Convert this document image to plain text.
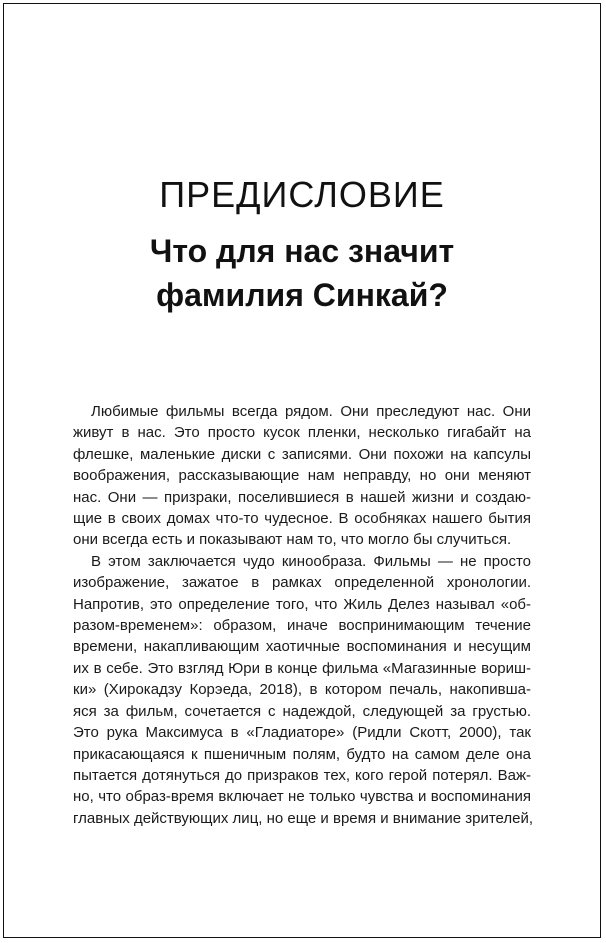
ПРЕДИСЛОВИЕ
Что для нас значит
фамилия Синкай?

Любимые фильмы всегда рядом. Они преследуют нас. Они
живут в нас. Это просто кусок пленки, несколько гигабайт на
флешке, маленькие диски с записями. Они похожи на капсулы
воображения, рассказывающие нам неправду, но они меняют
нас. Они — призраки, поселившиеся в нашей жизни и создаю-
щие в своих домах что-то чудесное. В особняках нашего бытия
они всегда есть и показывают нам то, что могло бы случиться.

В этом заключается чудо кинообраза. Фильмы — не просто
изображение, зажатое в рамках определенной хронологии.
Напротив, это определение того, что Жиль Делез называл «об-
разом-временем»: образом, иначе воспринимающим течение
времени, накапливающим хаотичные воспоминания и несущим
их в себе. Это взгляд Юри в конце фильма «Магазинные вориш-
ки» (Хирокадзу Корэеда, 2018), в котором печаль, накопивша-
яся за фильм, сочетается с надеждой, следующей за грустью.
Это рука Максимуса в «Гладиаторе» (Ридли Скотт, 2000), так
прикасающаяся к пшеничным полям, будто на самом деле она
пытается дотянуться до призраков тех, кого герой потерял. Важ-
но, что образ-время включает не только чувства и воспоминания
главных действующих лиц, но еще и время и внимание зрителей,
